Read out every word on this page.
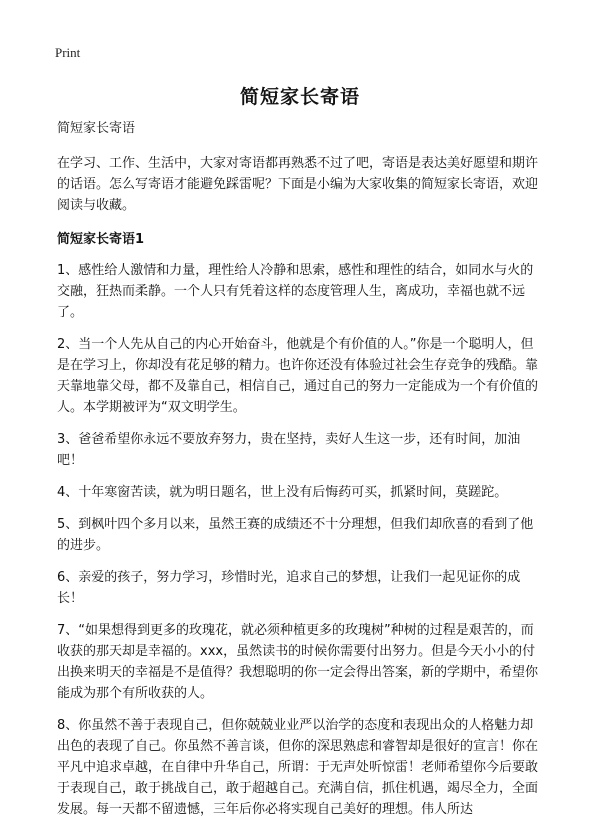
Print
简短家长寄语

简短家长寄语

在学习、工作、生活中，大家对寄语都再熟悉不过了吧，寄语是表达美好愿望和期许的话语。怎么写寄语才能避免踩雷呢？下面是小编为大家收集的简短家长寄语，欢迎阅读与收藏。

简短家长寄语1

1、感性给人激情和力量，理性给人冷静和思索，感性和理性的结合，如同水与火的交融，狂热而柔静。一个人只有凭着这样的态度管理人生，离成功，幸福也就不远了。

2、当一个人先从自己的内心开始奋斗，他就是个有价值的人。”你是一个聪明人，但是在学习上，你却没有花足够的精力。也许你还没有体验过社会生存竞争的残酷。靠天靠地靠父母，都不及靠自己，相信自己，通过自己的努力一定能成为一个有价值的人。本学期被评为“双文明学生。

3、爸爸希望你永远不要放弃努力，贵在坚持，卖好人生这一步，还有时间，加油吧！

4、十年寒窗苦读，就为明日题名，世上没有后悔药可买，抓紧时间，莫蹉跎。

5、到枫叶四个多月以来，虽然王赛的成绩还不十分理想，但我们却欣喜的看到了他的进步。

6、亲爱的孩子，努力学习，珍惜时光，追求自己的梦想，让我们一起见证你的成长！

7、“如果想得到更多的玫瑰花，就必须种植更多的玫瑰树”种树的过程是艰苦的，而收获的那天却是幸福的。xxx，虽然读书的时候你需要付出努力。但是今天小小的付出换来明天的幸福是不是值得？我想聪明的你一定会得出答案，新的学期中，希望你能成为那个有所收获的人。

8、你虽然不善于表现自己，但你兢兢业业严以治学的态度和表现出众的人格魅力却出色的表现了自己。你虽然不善言谈，但你的深思熟虑和睿智却是很好的宣言！你在平凡中追求卓越，在自律中升华自己，所谓：于无声处听惊雷！老师希望你今后要敢于表现自己，敢于挑战自己，敢于超越自己。充满自信，抓住机遇，竭尽全力，全面发展。每一天都不留遗憾，三年后你必将实现自己美好的理想。伟人所达
